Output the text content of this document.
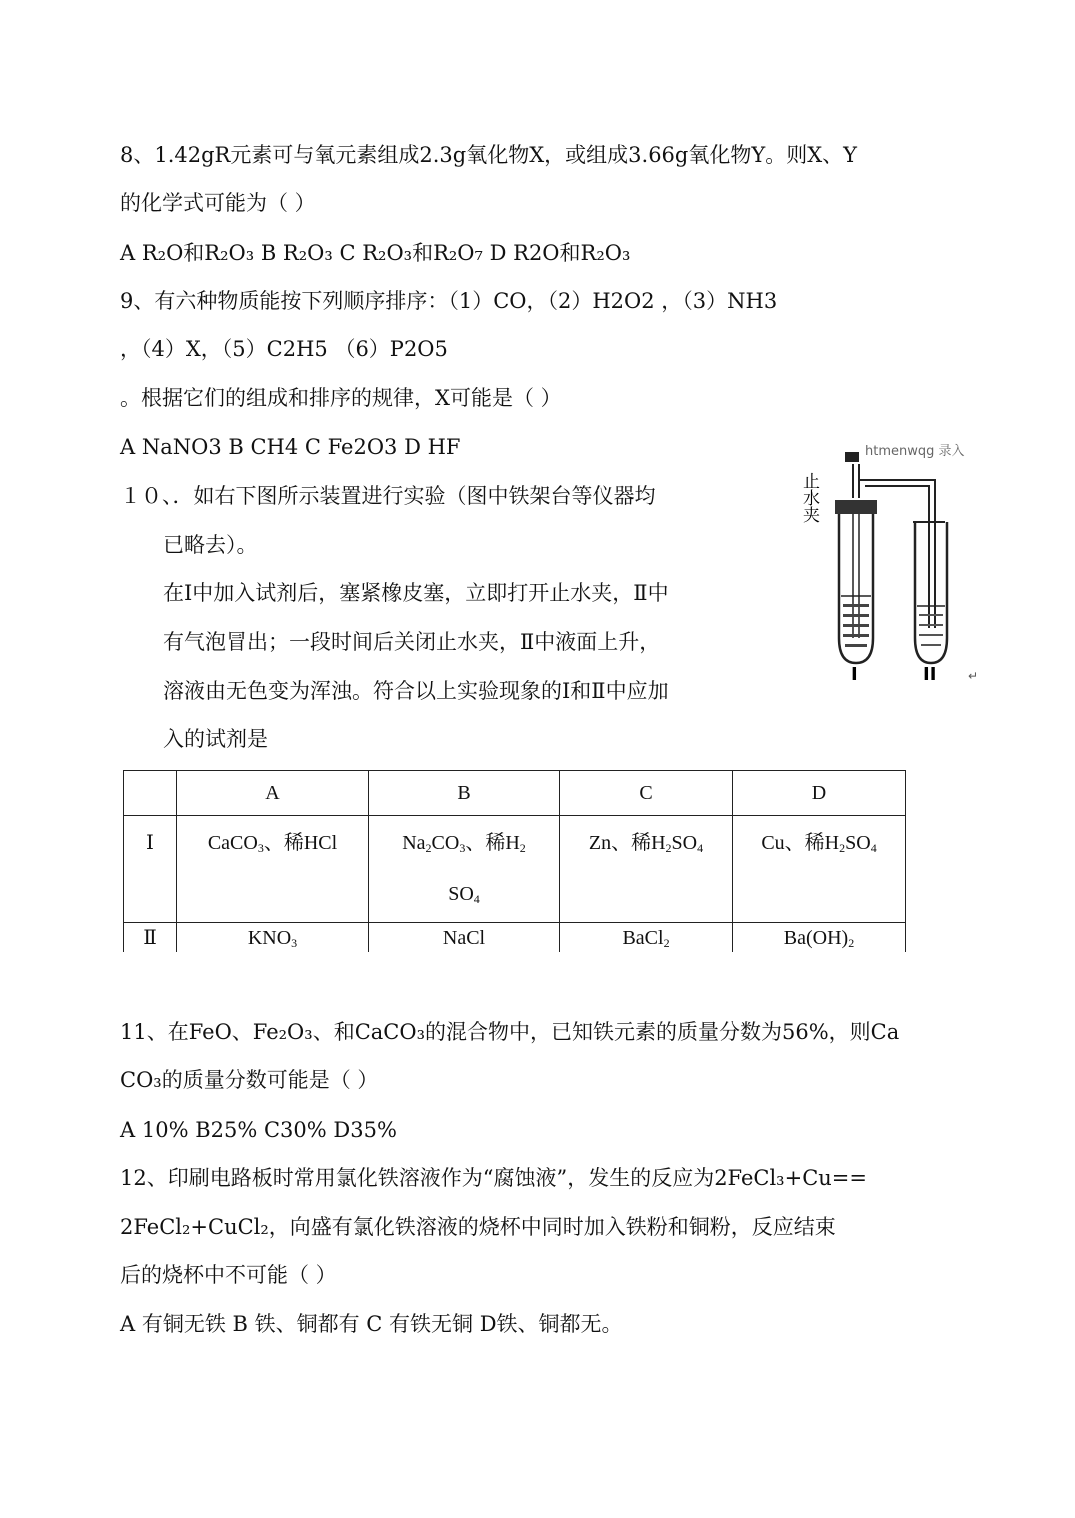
8、1.42gR元素可与氧元素组成2.3g氧化物X，或组成3.66g氧化物Y。则X、Y
的化学式可能为（ ）
A R₂O和R₂O₃ B R₂O₃ C R₂O₃和R₂O₇ D R2O和R₂O₃
9、有六种物质能按下列顺序排序：（1）CO，（2）H2O2 ，（3）NH3
，（4）X，（5）C2H5 （6）P2O5
。根据它们的组成和排序的规律，X可能是（ ）
A NaNO3 B CH4 C Fe2O3 D HF
１０、．如右下图所示装置进行实验（图中铁架台等仪器均
已略去）。
在Ⅰ中加入试剂后，塞紧橡皮塞，立即打开止水夹，Ⅱ中
有气泡冒出；一段时间后关闭止水夹，Ⅱ中液面上升，
溶液由无色变为浑浊。符合以上实验现象的Ⅰ和Ⅱ中应加
入的试剂是
止水夹
htmenwqg 录入
I	II	↵
	A	B	C	D
Ⅰ	CaCO$_3$、稀HCl	$Na_2CO_3$、稀$H_2$
$SO_4$	Zn、稀$H_2SO_4$	Cu、稀$H_2SO_4$

Ⅱ	$KNO_3$	NaCl	BaCl$_2$	$Ba(OH)_2$
11、在FeO、Fe₂O₃、和CaCO₃的混合物中，已知铁元素的质量分数为56%，则Ca
CO₃的质量分数可能是（ ）
A 10% B25% C30% D35%
12、印刷电路板时常用氯化铁溶液作为“腐蚀液”，发生的反应为2FeCl₃+Cu==
2FeCl₂+CuCl₂，向盛有氯化铁溶液的烧杯中同时加入铁粉和铜粉，反应结束
后的烧杯中不可能（ ）
A 有铜无铁 B 铁、铜都有 C 有铁无铜 D铁、铜都无。
